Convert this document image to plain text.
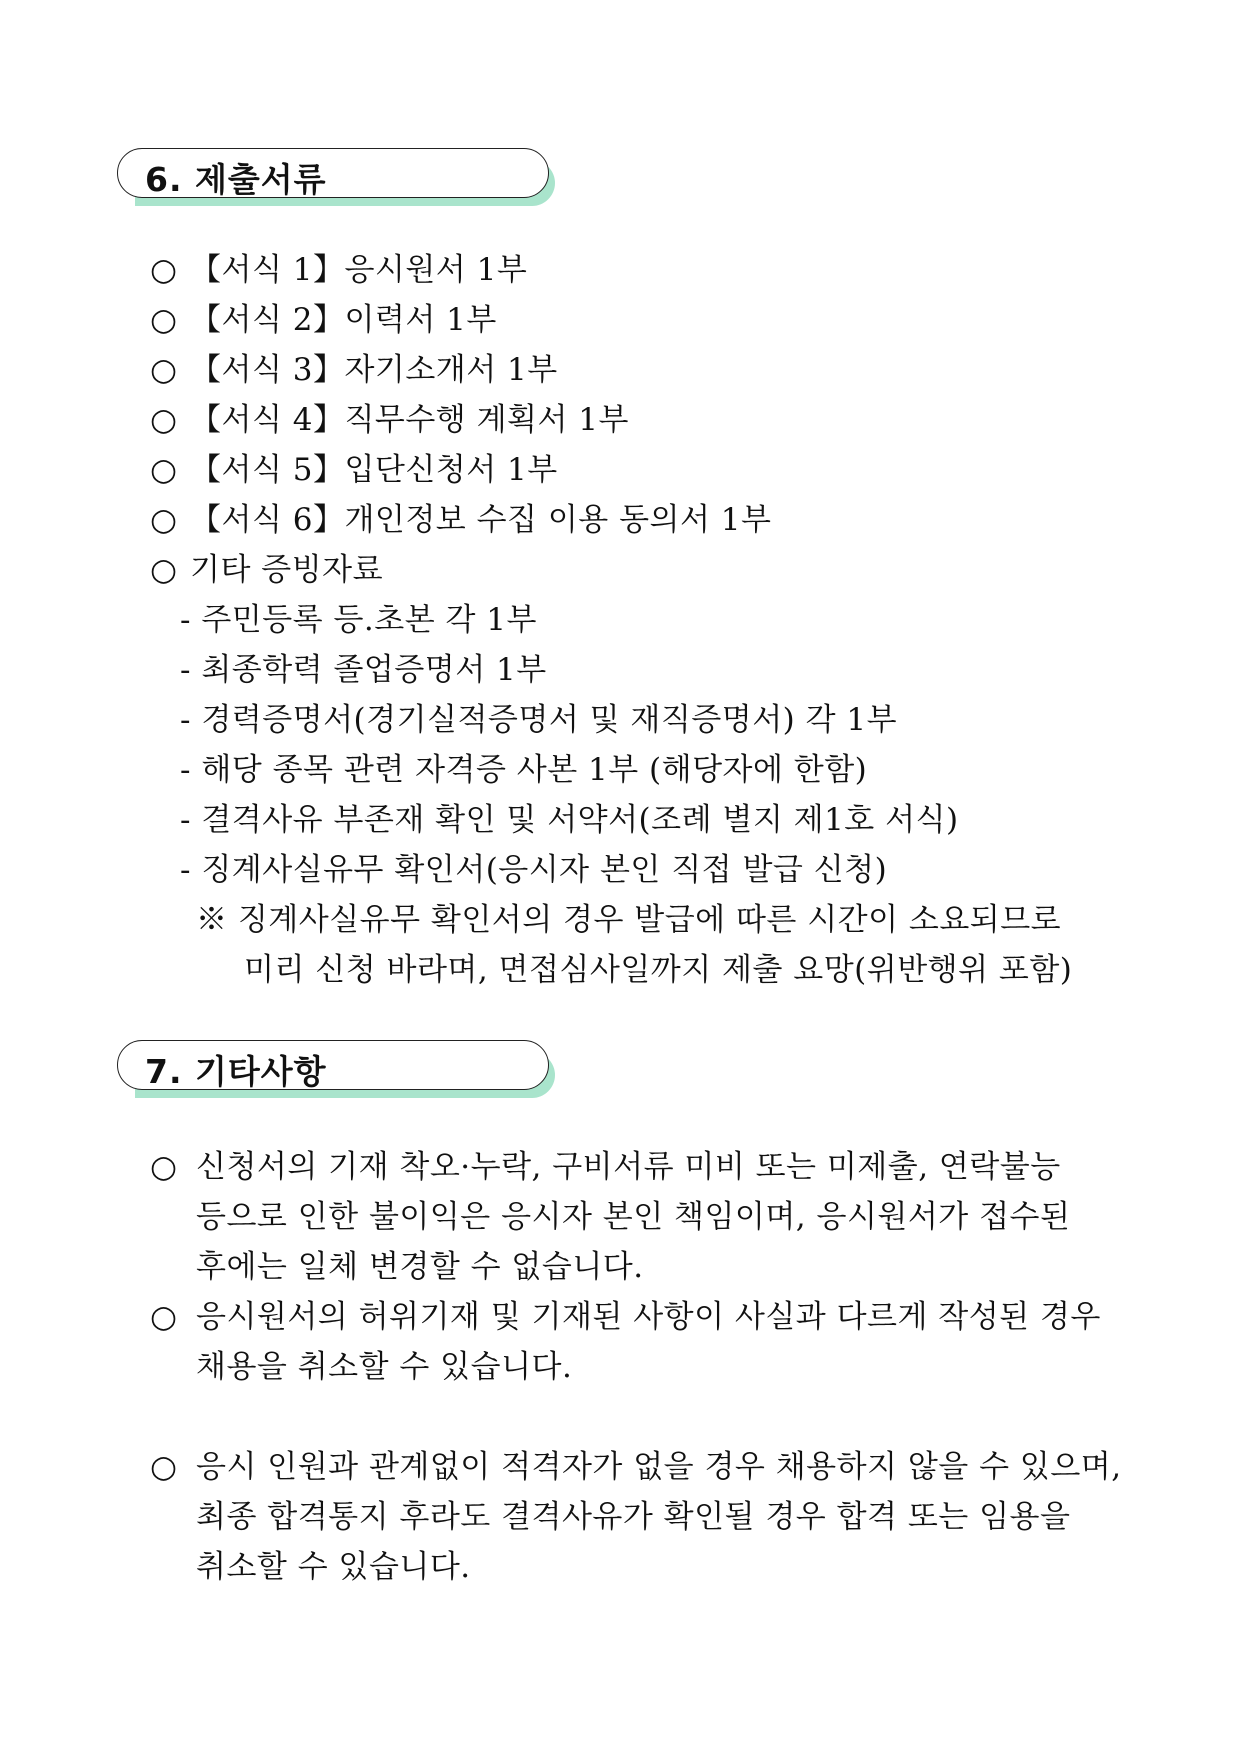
6. 제출서류
○ 【서식 1】응시원서 1부
○ 【서식 2】이력서 1부
○ 【서식 3】자기소개서 1부
○ 【서식 4】직무수행 계획서 1부
○ 【서식 5】입단신청서 1부
○ 【서식 6】개인정보 수집 이용 동의서 1부
○ 기타 증빙자료
- 주민등록 등.초본 각 1부
- 최종학력 졸업증명서 1부
- 경력증명서(경기실적증명서 및 재직증명서) 각 1부
- 해당 종목 관련 자격증 사본 1부 (해당자에 한함)
- 결격사유 부존재 확인 및 서약서(조례 별지 제1호 서식)
- 징계사실유무 확인서(응시자 본인 직접 발급 신청)
※ 징계사실유무 확인서의 경우 발급에 따른 시간이 소요되므로
미리 신청 바라며, 면접심사일까지 제출 요망(위반행위 포함)
7. 기타사항
○ 신청서의 기재 착오·누락, 구비서류 미비 또는 미제출, 연락불능
등으로 인한 불이익은 응시자 본인 책임이며, 응시원서가 접수된
후에는 일체 변경할 수 없습니다.
○ 응시원서의 허위기재 및 기재된 사항이 사실과 다르게 작성된 경우
채용을 취소할 수 있습니다.
○ 응시 인원과 관계없이 적격자가 없을 경우 채용하지 않을 수 있으며,
최종 합격통지 후라도 결격사유가 확인될 경우 합격 또는 임용을
취소할 수 있습니다.
